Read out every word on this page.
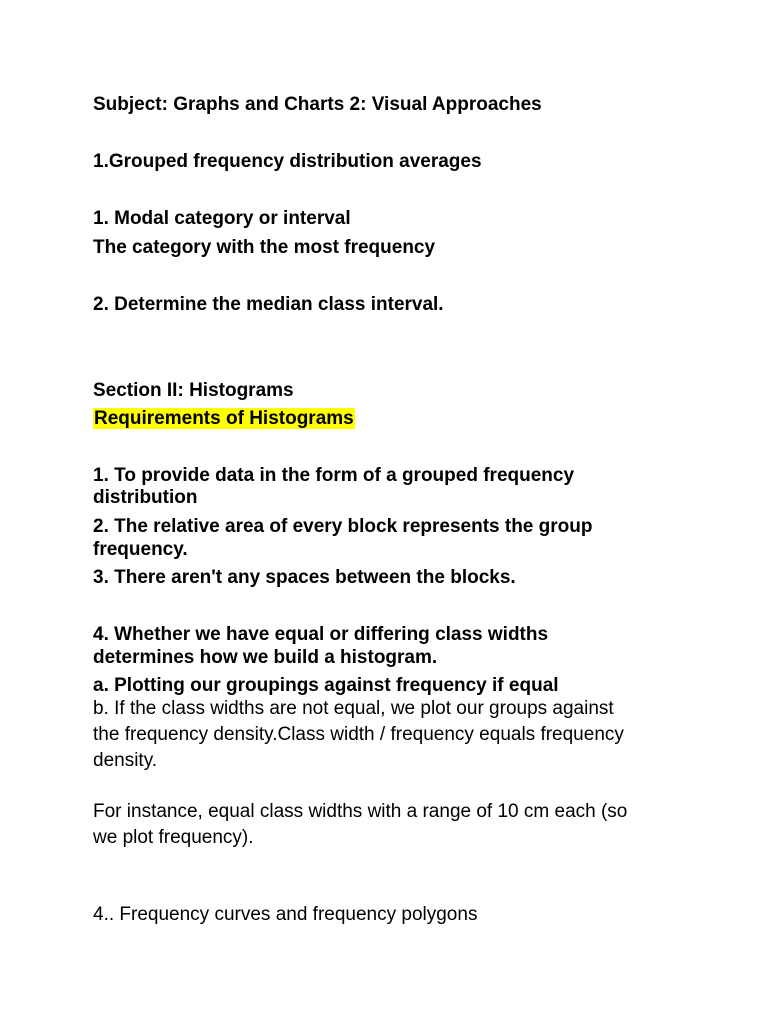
Subject: Graphs and Charts 2: Visual Approaches
1.Grouped frequency distribution averages
1. Modal category or interval
The category with the most frequency
2. Determine the median class interval.
Section II: Histograms
Requirements of Histograms
1. To provide data in the form of a grouped frequency
distribution
2. The relative area of every block represents the group
frequency.
3. There aren't any spaces between the blocks.
4. Whether we have equal or differing class widths
determines how we build a histogram.
a. Plotting our groupings against frequency if equal
b. If the class widths are not equal, we plot our groups against
the frequency density.Class width / frequency equals frequency
density.
For instance, equal class widths with a range of 10 cm each (so
we plot frequency).
4.. Frequency curves and frequency polygons
